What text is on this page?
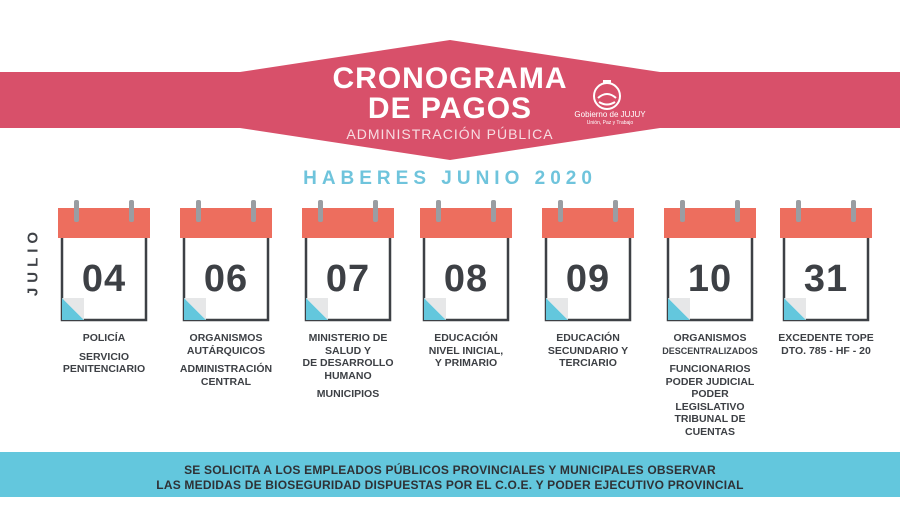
CRONOGRAMA
DE PAGOS
ADMINISTRACIÓN PÚBLICA
Gobierno de JUJUY
Unión, Paz y Trabajo
HABERES JUNIO 2020
JULIO	04
POLICÍA
SERVICIO
PENITENCIARIO
06
ORGANISMOS
AUTÁRQUICOS
ADMINISTRACIÓN
CENTRAL
07
MINISTERIO DE
SALUD Y
DE DESARROLLO
HUMANO
MUNICIPIOS
08
EDUCACIÓN
NIVEL INICIAL,
Y PRIMARIO
09
EDUCACIÓN
SECUNDARIO Y
TERCIARIO
10
ORGANISMOS
DESCENTRALIZADOS
FUNCIONARIOS
PODER JUDICIAL
PODER
LEGISLATIVO
TRIBUNAL DE
CUENTAS
31
EXCEDENTE TOPE
DTO. 785 - HF - 20
SE SOLICITA A LOS EMPLEADOS PÚBLICOS PROVINCIALES Y MUNICIPALES OBSERVAR
LAS MEDIDAS DE BIOSEGURIDAD DISPUESTAS POR EL C.O.E. Y PODER EJECUTIVO PROVINCIAL
